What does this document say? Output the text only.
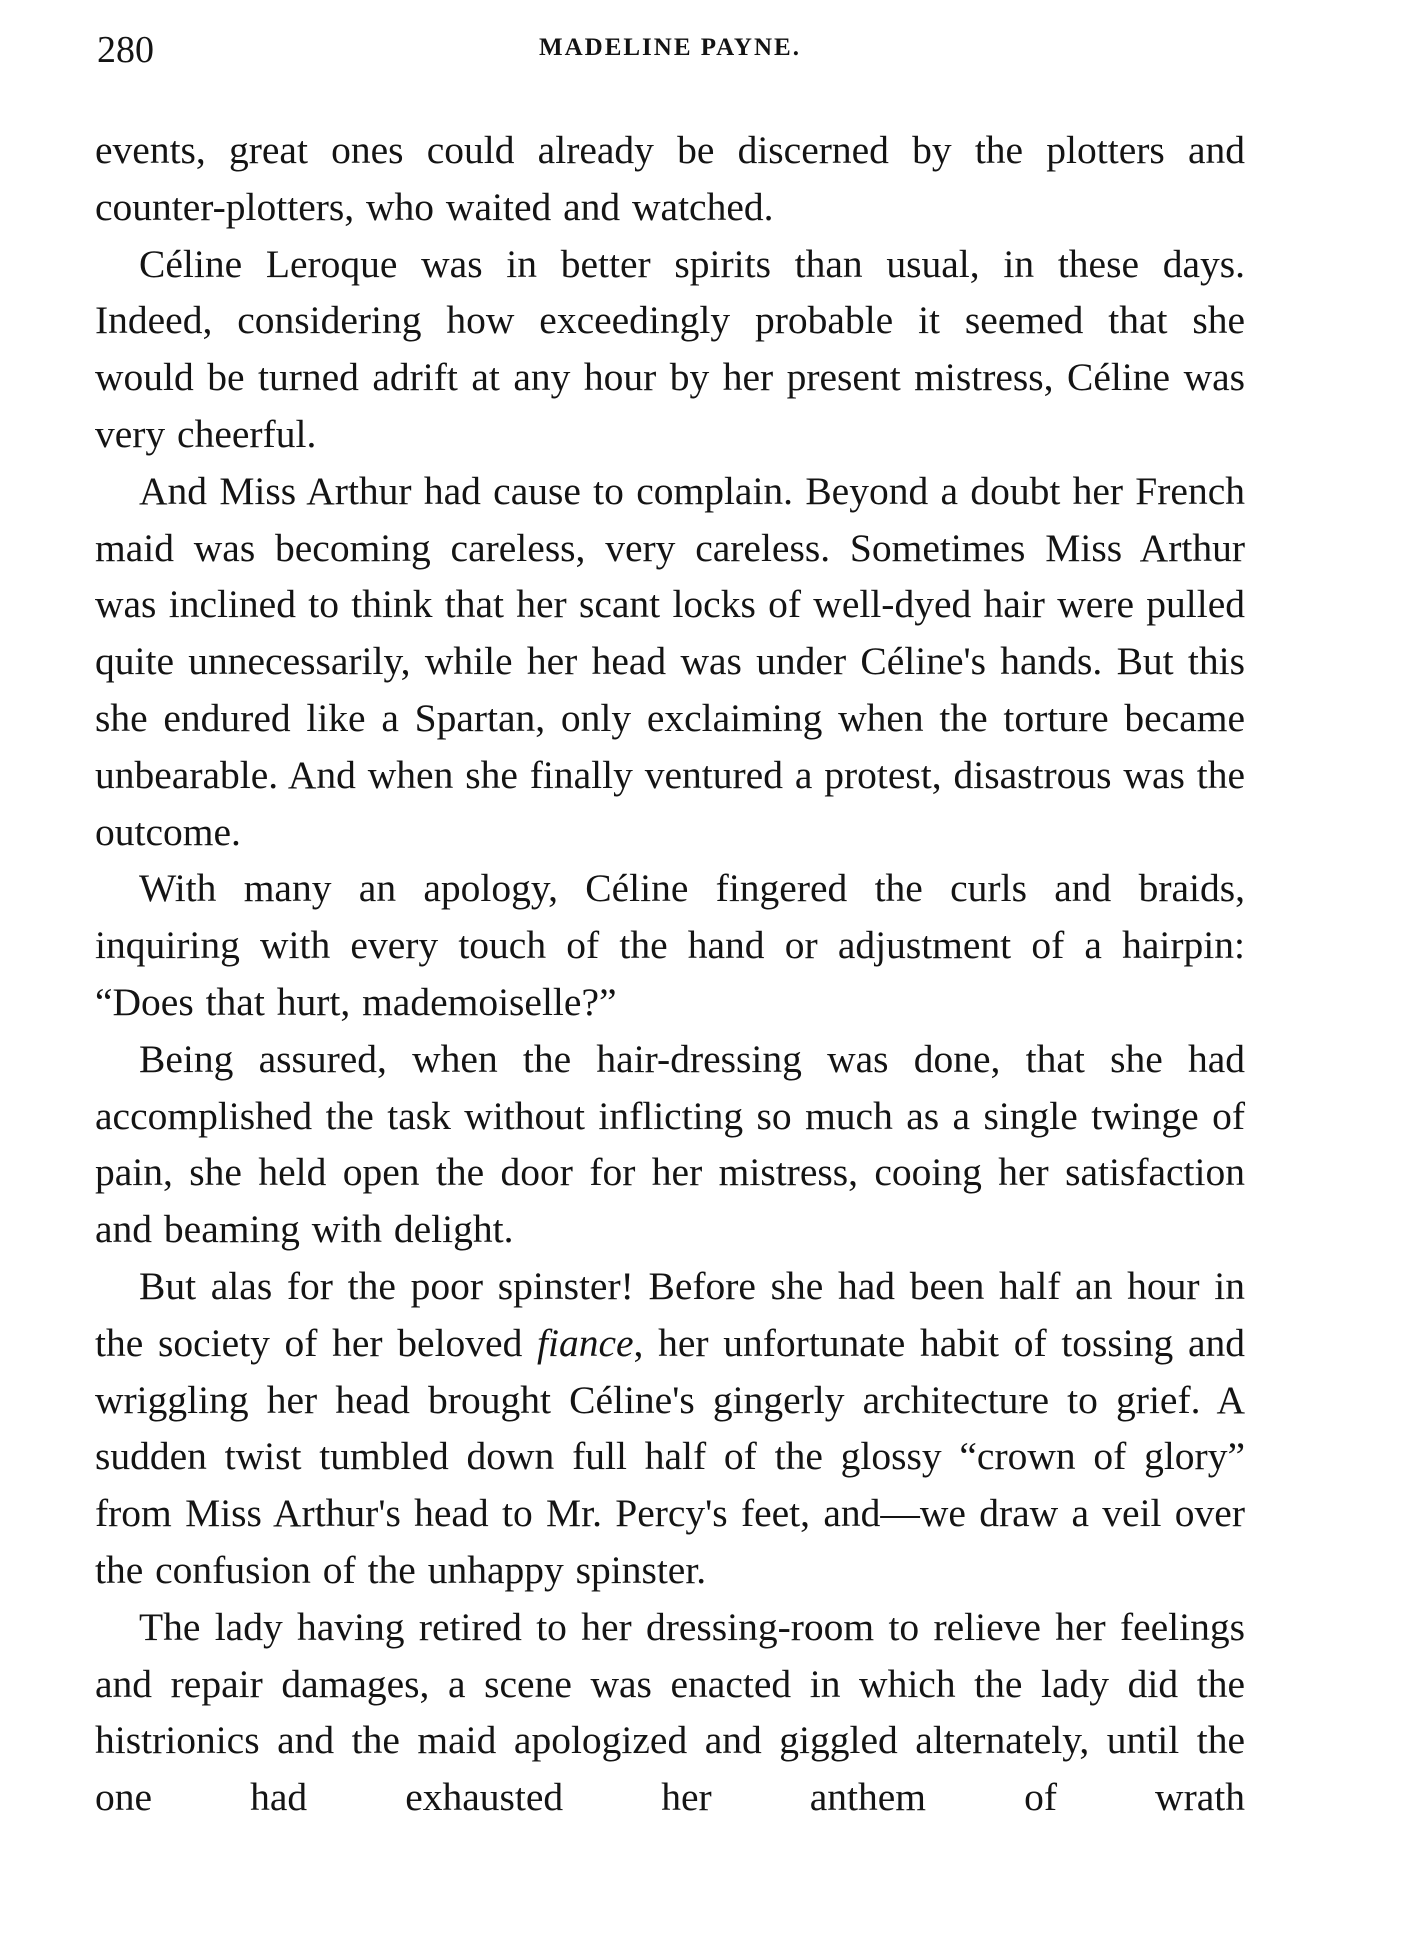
280	MADELINE PAYNE.

events, great ones could already be discerned by the plotters and counter-plotters, who waited and watched.

Céline Leroque was in better spirits than usual, in these days. Indeed, considering how exceedingly probable it seemed that she would be turned adrift at any hour by her present mistress, Céline was very cheerful.

And Miss Arthur had cause to complain. Beyond a doubt her French maid was becoming careless, very careless. Sometimes Miss Arthur was inclined to think that her scant locks of well-dyed hair were pulled quite unnecessarily, while her head was under Céline's hands. But this she endured like a Spartan, only exclaiming when the torture became unbearable. And when she finally ventured a protest, disastrous was the outcome.

With many an apology, Céline fingered the curls and braids, inquiring with every touch of the hand or adjustment of a hairpin: “Does that hurt, mademoiselle?”

Being assured, when the hair-dressing was done, that she had accomplished the task without inflicting so much as a single twinge of pain, she held open the door for her mistress, cooing her satisfaction and beaming with delight.

But alas for the poor spinster! Before she had been half an hour in the society of her beloved fiance, her unfortunate habit of tossing and wriggling her head brought Céline's gingerly architecture to grief. A sudden twist tumbled down full half of the glossy “crown of glory” from Miss Arthur's head to Mr. Percy's feet, and—we draw a veil over the confusion of the unhappy spinster.

The lady having retired to her dressing-room to relieve her feelings and repair damages, a scene was enacted in which the lady did the histrionics and the maid apologized and giggled alternately, until the one had exhausted her anthem of wrath
